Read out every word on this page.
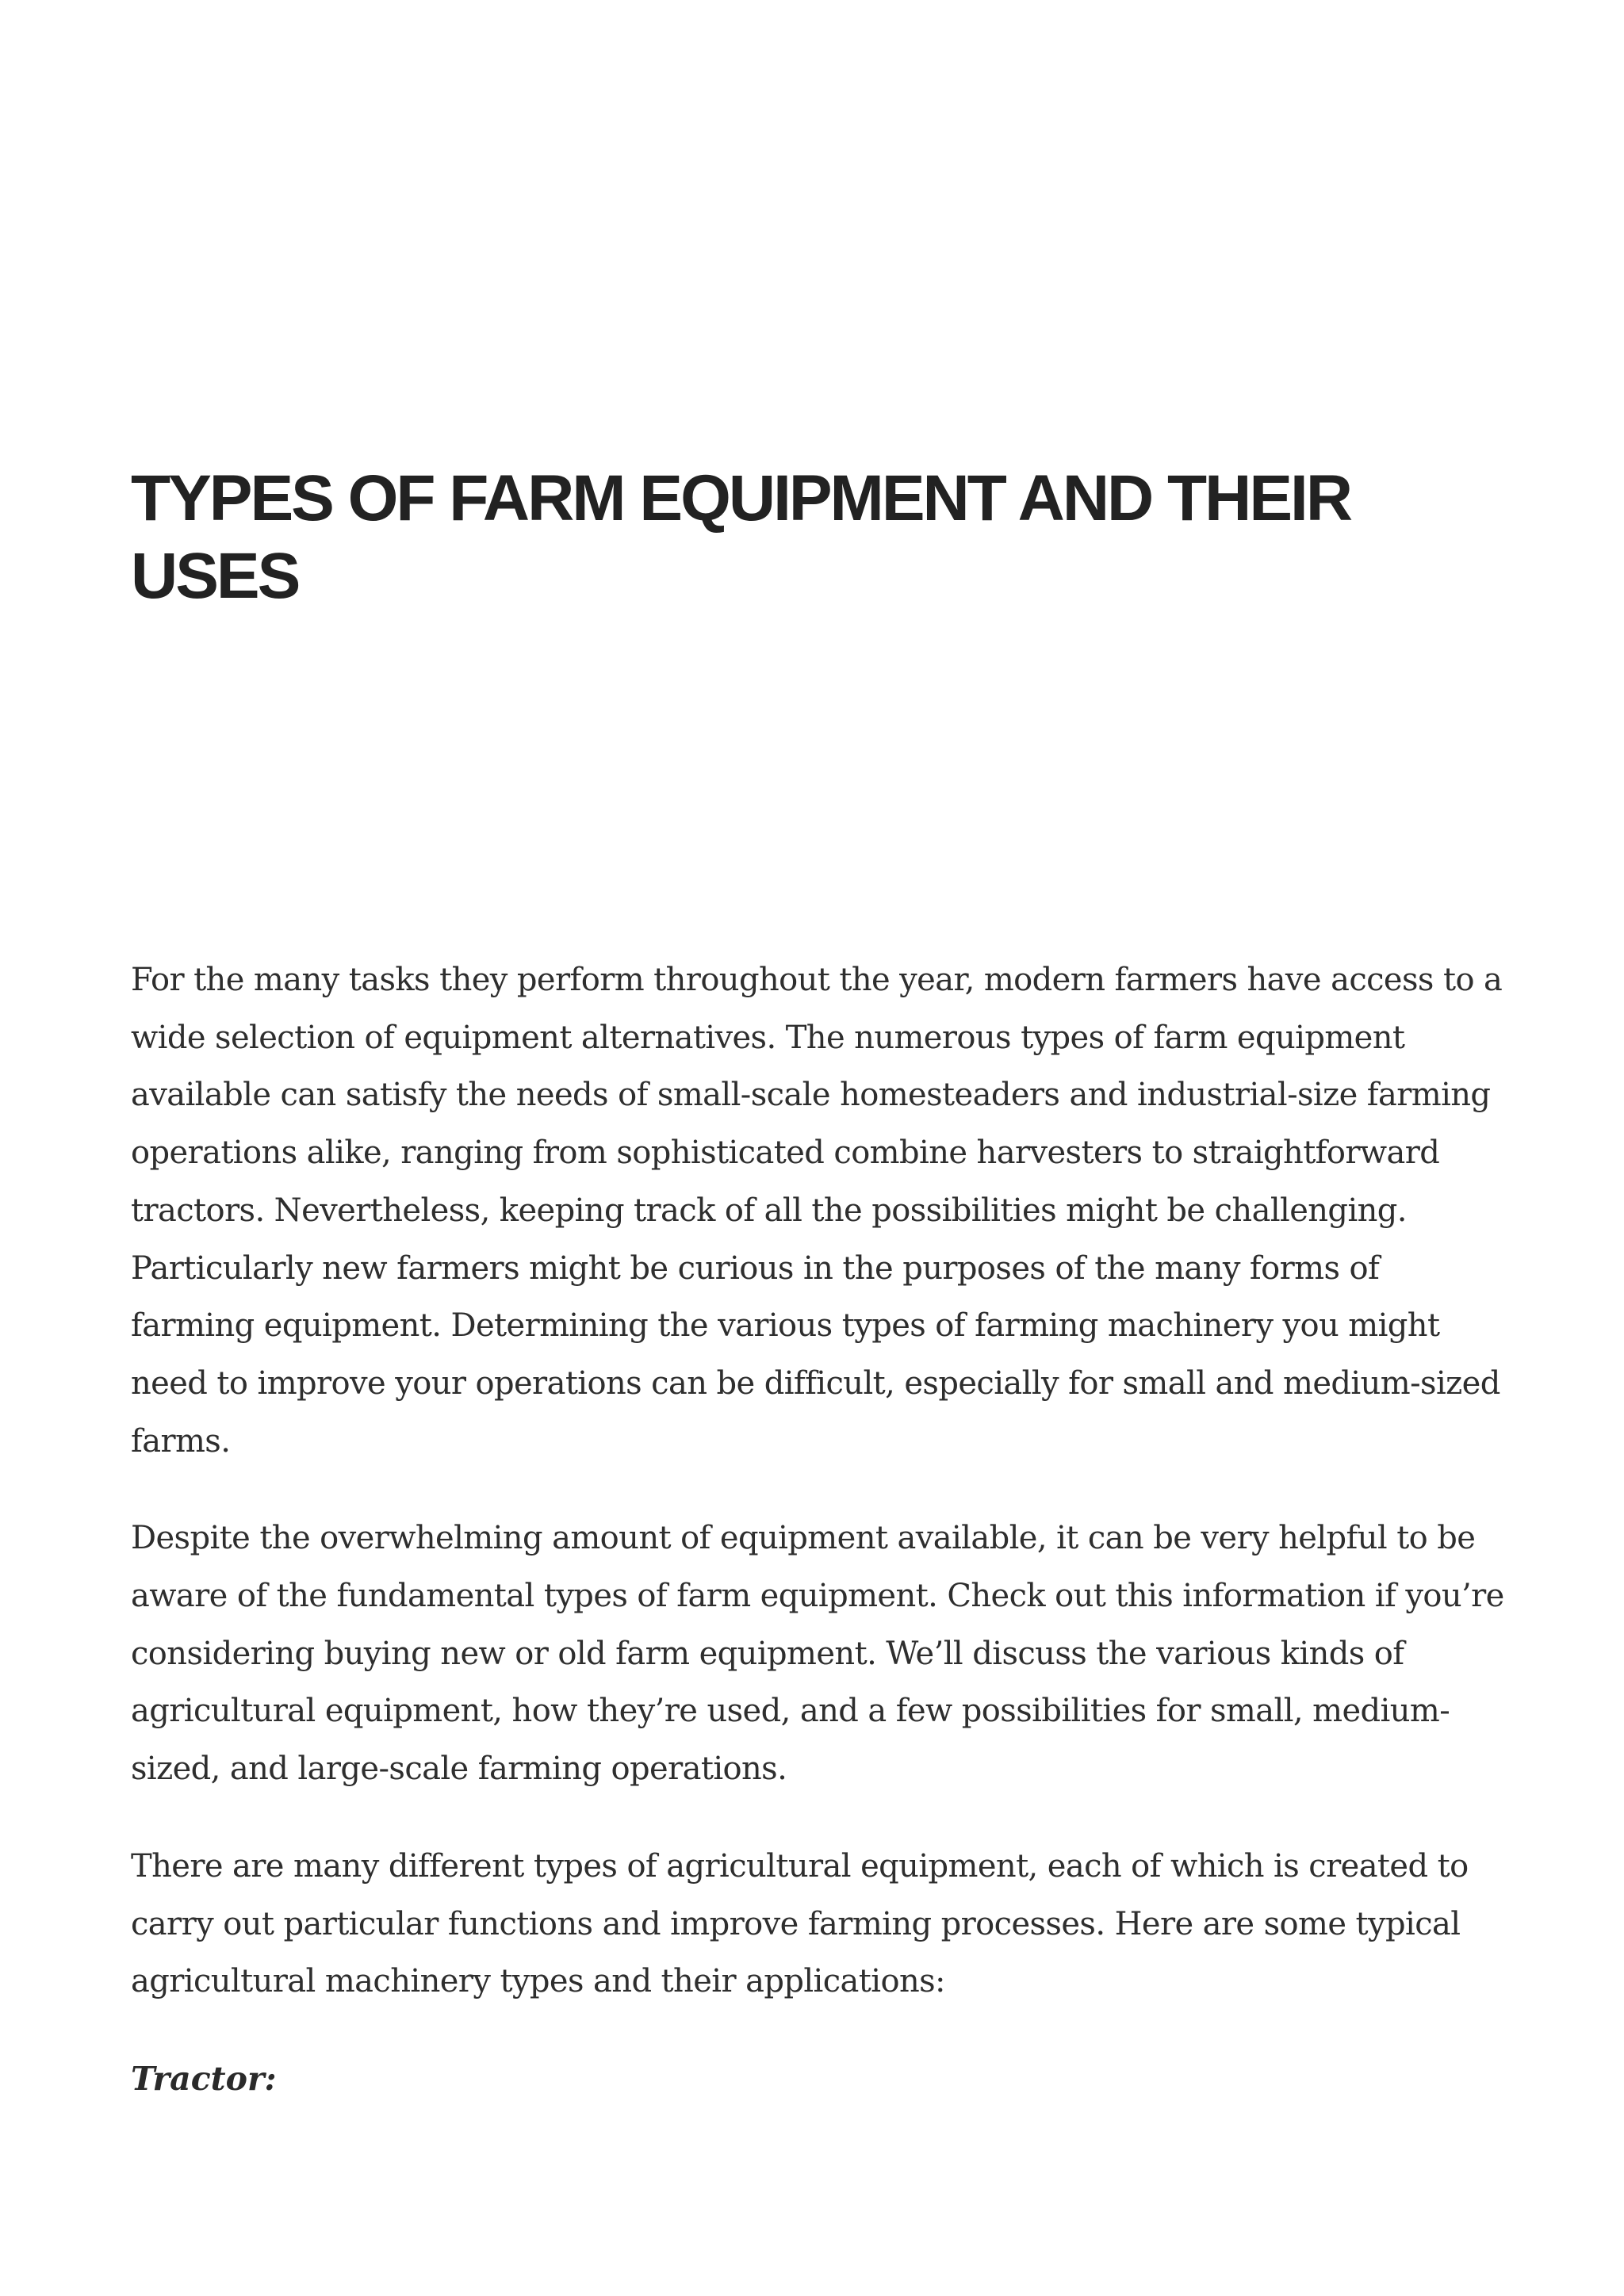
TYPES OF FARM EQUIPMENT AND THEIR USES

For the many tasks they perform throughout the year, modern farmers have access to a wide selection of equipment alternatives. The numerous types of farm equipment available can satisfy the needs of small-scale homesteaders and industrial-size farming operations alike, ranging from sophisticated combine harvesters to straightforward tractors. Nevertheless, keeping track of all the possibilities might be challenging. Particularly new farmers might be curious in the purposes of the many forms of farming equipment. Determining the various types of farming machinery you might need to improve your operations can be difficult, especially for small and medium-sized farms.

Despite the overwhelming amount of equipment available, it can be very helpful to be aware of the fundamental types of farm equipment. Check out this information if you’re considering buying new or old farm equipment. We’ll discuss the various kinds of agricultural equipment, how they’re used, and a few possibilities for small, medium-sized, and large-scale farming operations.

There are many different types of agricultural equipment, each of which is created to carry out particular functions and improve farming processes. Here are some typical agricultural machinery types and their applications:

Tractor:
